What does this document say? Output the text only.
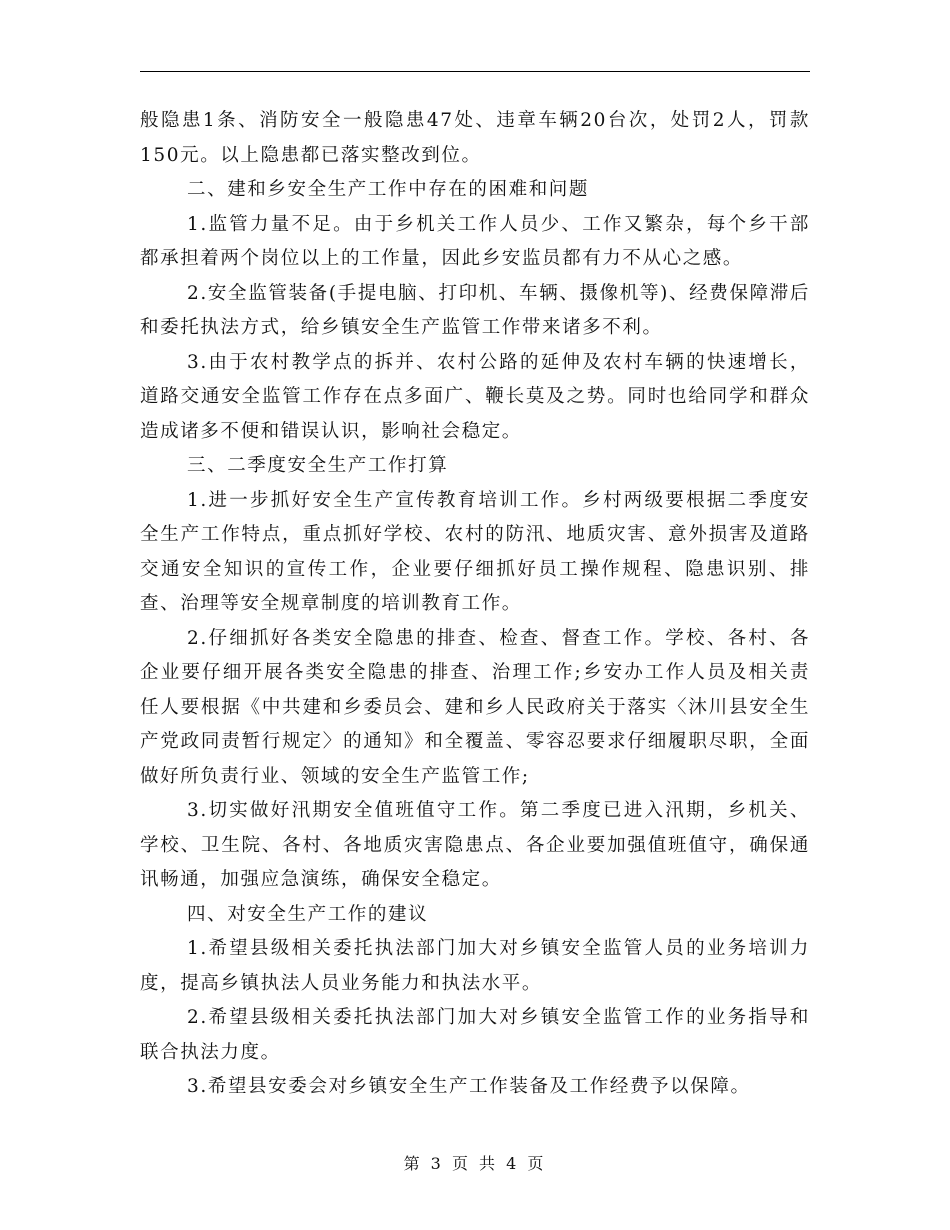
般隐患1条、消防安全一般隐患47处、违章车辆20台次，处罚2人，罚款150元。以上隐患都已落实整改到位。

二、建和乡安全生产工作中存在的困难和问题

1.监管力量不足。由于乡机关工作人员少、工作又繁杂，每个乡干部都承担着两个岗位以上的工作量，因此乡安监员都有力不从心之感。

2.安全监管装备(手提电脑、打印机、车辆、摄像机等)、经费保障滞后和委托执法方式，给乡镇安全生产监管工作带来诸多不利。

3.由于农村教学点的拆并、农村公路的延伸及农村车辆的快速增长，道路交通安全监管工作存在点多面广、鞭长莫及之势。同时也给同学和群众造成诸多不便和错误认识，影响社会稳定。

三、二季度安全生产工作打算

1.进一步抓好安全生产宣传教育培训工作。乡村两级要根据二季度安全生产工作特点，重点抓好学校、农村的防汛、地质灾害、意外损害及道路交通安全知识的宣传工作，企业要仔细抓好员工操作规程、隐患识别、排查、治理等安全规章制度的培训教育工作。

2.仔细抓好各类安全隐患的排查、检查、督查工作。学校、各村、各企业要仔细开展各类安全隐患的排查、治理工作;乡安办工作人员及相关责任人要根据《中共建和乡委员会、建和乡人民政府关于落实〈沐川县安全生产党政同责暂行规定〉的通知》和全覆盖、零容忍要求仔细履职尽职，全面做好所负责行业、领域的安全生产监管工作;

3.切实做好汛期安全值班值守工作。第二季度已进入汛期，乡机关、学校、卫生院、各村、各地质灾害隐患点、各企业要加强值班值守，确保通讯畅通，加强应急演练，确保安全稳定。

四、对安全生产工作的建议

1.希望县级相关委托执法部门加大对乡镇安全监管人员的业务培训力度，提高乡镇执法人员业务能力和执法水平。

2.希望县级相关委托执法部门加大对乡镇安全监管工作的业务指导和联合执法力度。

3.希望县安委会对乡镇安全生产工作装备及工作经费予以保障。

第 3 页 共 4 页
